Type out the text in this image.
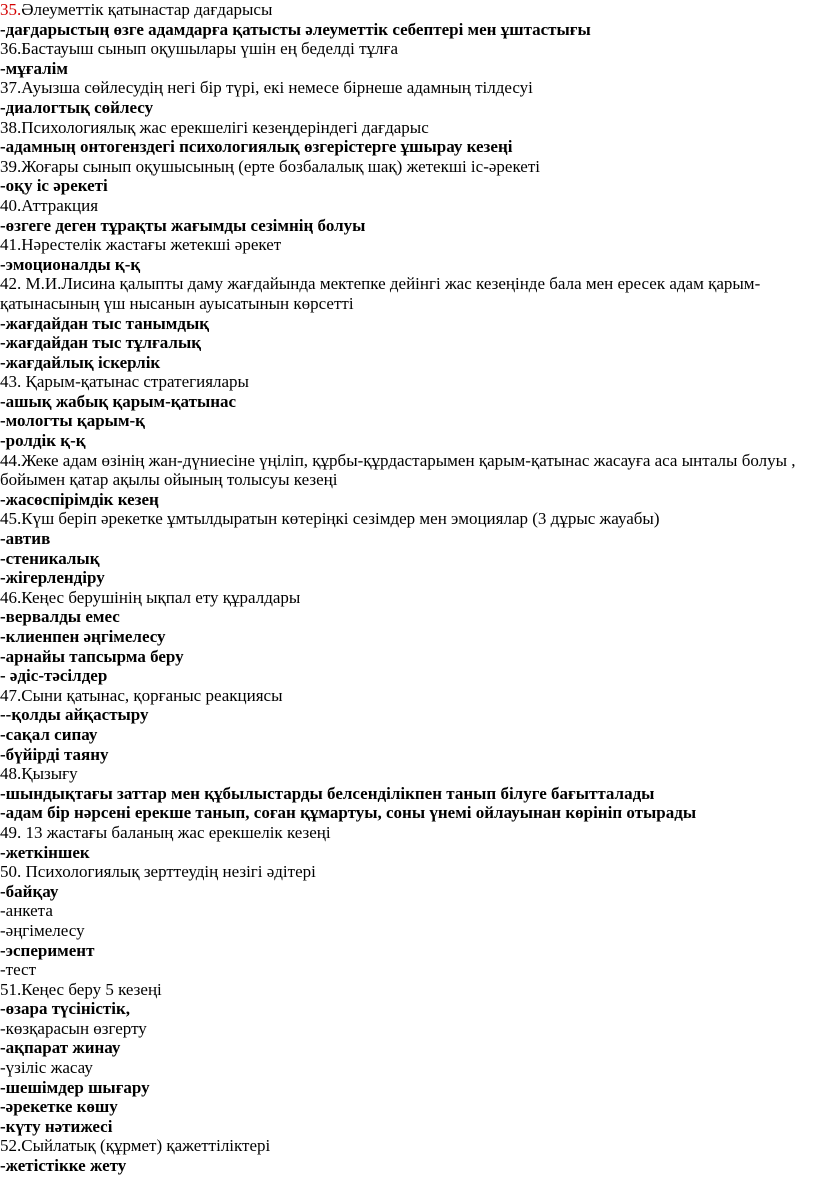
35.Әлеуметтік қатынастар дағдарысы
-дағдарыстың өзге адамдарға қатысты әлеуметтік себептері мен ұштастығы
36.Бастауыш сынып оқушылары үшін ең беделді тұлға
-мұғалім
37.Ауызша сөйлесудің негі бір түрі, екі немесе бірнеше адамның тілдесуі
-диалогтық сөйлесу
38.Психологиялық жас ерекшелігі кезеңдеріндегі дағдарыс
-адамның онтогенздегі психологиялық өзгерістерге ұшырау кезеңі
39.Жоғары сынып оқушысының (ерте бозбалалық шақ) жетекші іс-әрекеті
-оқу іс әрекеті
40.Аттракция
-өзгеге деген тұрақты жағымды сезімнің болуы
41.Нәрестелік жастағы жетекші әрекет
-эмоционалды қ-қ
42. М.И.Лисина қалыпты даму жағдайында мектепке дейінгі жас кезеңінде бала мен ересек адам қарым-
қатынасының үш нысанын ауысатынын көрсетті
-жағдайдан тыс танымдық
-жағдайдан тыс тұлғалық
-жағдайлық іскерлік
43. Қарым-қатынас стратегиялары
-ашық жабық қарым-қатынас
-мологты қарым-қ
-ролдік қ-қ
44.Жеке адам өзінің жан-дүниесіне үңіліп, құрбы-құрдастарымен қарым-қатынас жасауға аса ынталы болуы ,
бойымен қатар ақылы ойының толысуы кезеңі
-жасөспірімдік кезең
45.Күш беріп әрекетке ұмтылдыратын көтеріңкі сезімдер мен эмоциялар (3 дұрыс жауабы)
-автив
-стеникалық
-жігерлендіру
46.Кеңес берушінің ықпал ету құралдары
-вервалды емес
-клиенпен әңгімелесу
-арнайы тапсырма беру
- әдіс-тәсілдер
47.Сыни қатынас, қорғаныс реакциясы
--қолды айқастыру
-сақал сипау
-бүйірді таяну
48.Қызығу
-шындықтағы заттар мен құбылыстарды белсенділікпен танып білуге бағытталады
-адам бір нәрсені ерекше танып, соған құмартуы, соны үнемі ойлауынан көрініп отырады
49. 13 жастағы баланың жас ерекшелік кезеңі
-жеткіншек
50. Психологиялық зерттеудің незігі әдітері
-байқау
-анкета
-әңгімелесу
-эсперимент
-тест
51.Кеңес беру 5 кезеңі
-өзара түсіністік,
-көзқарасын өзгерту
-ақпарат жинау
-үзіліс жасау
-шешімдер шығару
-әрекетке көшу
-күту нәтижесі
52.Сыйлатық (құрмет) қажеттіліктері
-жетістікке жету
